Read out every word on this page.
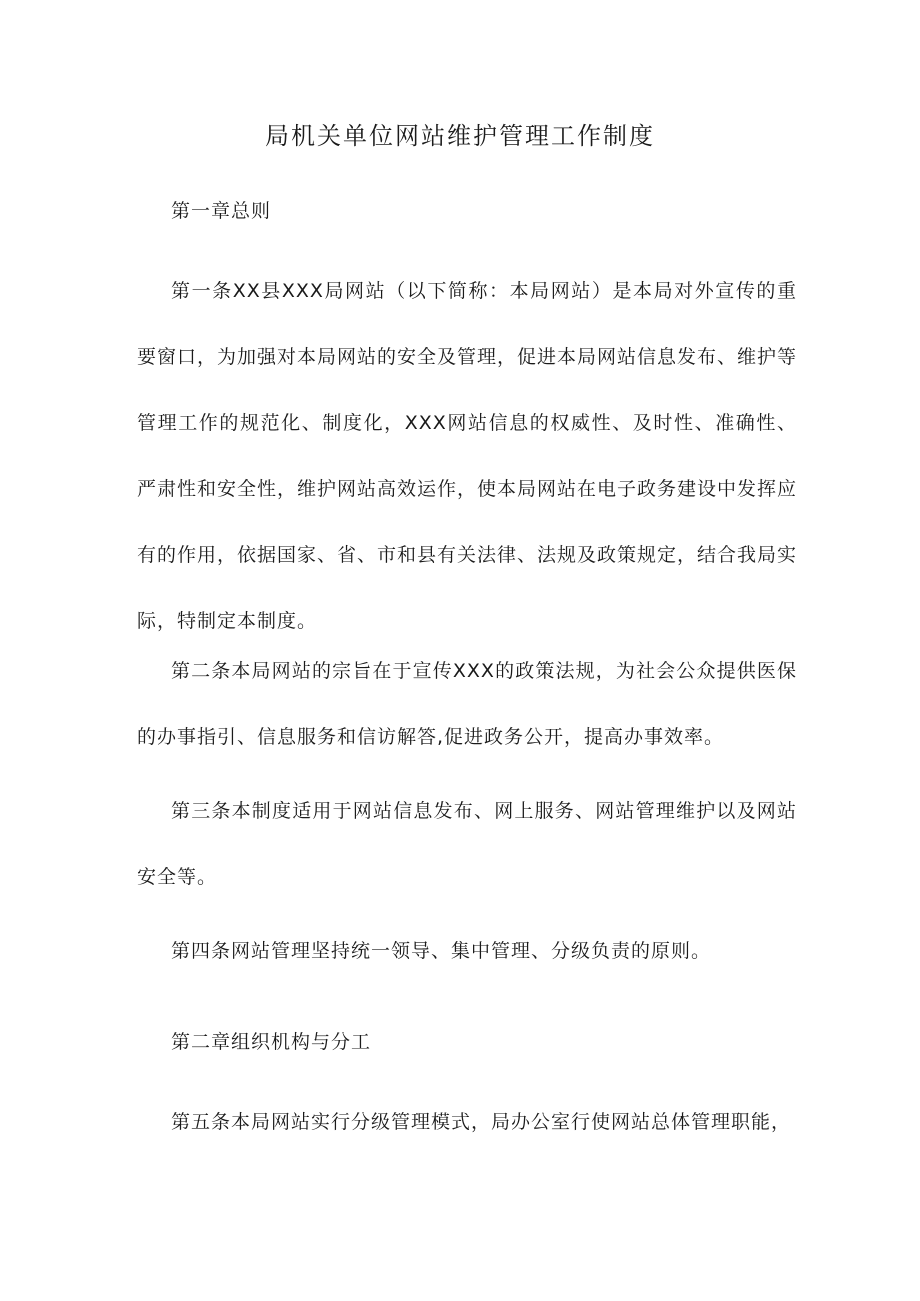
局机关单位网站维护管理工作制度

第一章总则

第一条XX县XXX局网站（以下简称：本局网站）是本局对外宣传的重要窗口，为加强对本局网站的安全及管理，促进本局网站信息发布、维护等管理工作的规范化、制度化，XXX网站信息的权威性、及时性、准确性、严肃性和安全性，维护网站高效运作，使本局网站在电子政务建设中发挥应有的作用，依据国家、省、市和县有关法律、法规及政策规定，结合我局实际，特制定本制度。

第二条本局网站的宗旨在于宣传XXX的政策法规，为社会公众提供医保的办事指引、信息服务和信访解答,促进政务公开，提高办事效率。

第三条本制度适用于网站信息发布、网上服务、网站管理维护以及网站安全等。

第四条网站管理坚持统一领导、集中管理、分级负责的原则。

第二章组织机构与分工

第五条本局网站实行分级管理模式，局办公室行使网站总体管理职能，
